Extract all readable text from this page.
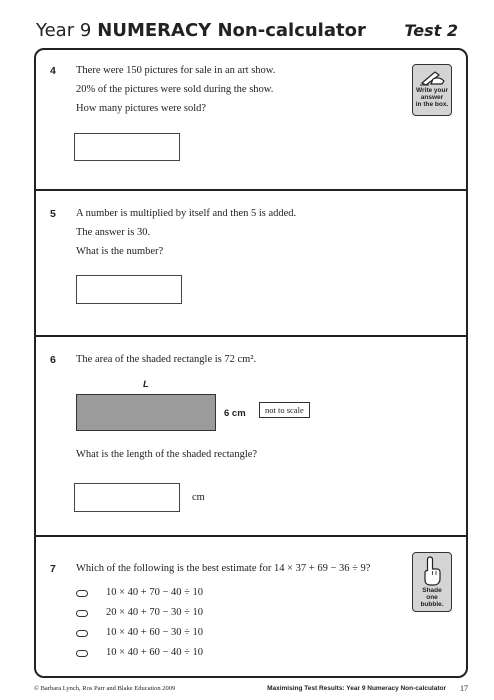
Year 9 NUMERACY Non-calculator Test 2
4 There were 150 pictures for sale in an art show.
20% of the pictures were sold during the show.
How many pictures were sold?
Write your
answer
in the box.
5 A number is multiplied by itself and then 5 is added.
The answer is 30.
What is the number?
6 The area of the shaded rectangle is 72 cm².
L
6 cm	not to scale
What is the length of the shaded rectangle?
cm
7 Which of the following is the best estimate for 14 × 37 + 69 − 36 ÷ 9?
10 × 40 + 70 − 40 ÷ 10
20 × 40 + 70 − 30 ÷ 10
10 × 40 + 60 − 30 ÷ 10
10 × 40 + 60 − 40 ÷ 10
Shade
one
bubble.
© Barbara Lynch, Ros Parr and Blake Education 2009	Maximising Test Results: Year 9 Numeracy Non-calculator 17
